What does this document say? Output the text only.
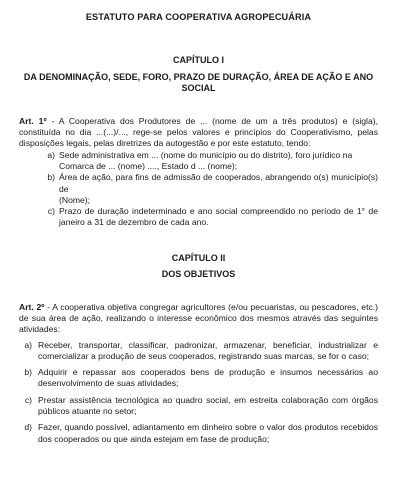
ESTATUTO PARA COOPERATIVA AGROPECUÁRIA
CAPÍTULO I
DA DENOMINAÇÃO, SEDE, FORO, PRAZO DE DURAÇÃO, ÁREA DE AÇÃO E ANO SOCIAL

Art. 1º - A Cooperativa dos Produtores de ... (nome de um a três produtos) e (sigla), constituída no dia ...(...)/..., rege-se pelos valores e princípios do Cooperativismo, pelas disposições legais, pelas diretrizes da autogestão e por este estatuto, tendo:

a) Sede administrativa em ... (nome do município ou do distrito), foro jurídico na
Comarca de ... (nome) ...., Estado d ... (nome);
b) Área de ação, para fins de admissão de cooperados, abrangendo o(s) município(s) de
(Nome);
c) Prazo de duração indeterminado e ano social compreendido no período de 1° de janeiro a 31 de dezembro de cada ano.
CAPÍTULO II
DOS OBJETIVOS

Art. 2º - A cooperativa objetiva congregar agricultores (e/ou pecuaristas, ou pescadores, etc.) de sua área de ação, realizando o interesse econômico dos mesmos através das seguintes atividades:

a) Receber, transportar, classificar, padronizar, armazenar, beneficiar, industrializar e comercializar a produção de seus cooperados, registrando suas marcas, se for o caso;
b) Adquirir e repassar aos cooperados bens de produção e insumos necessários ao desenvolvimento de suas atividades;
c) Prestar assistência tecnológica ao quadro social, em estreita colaboração com órgãos públicos atuante no setor;
d) Fazer, quando possível, adiantamento em dinheiro sobre o valor dos produtos recebidos dos cooperados ou que ainda estejam em fase de produção;
